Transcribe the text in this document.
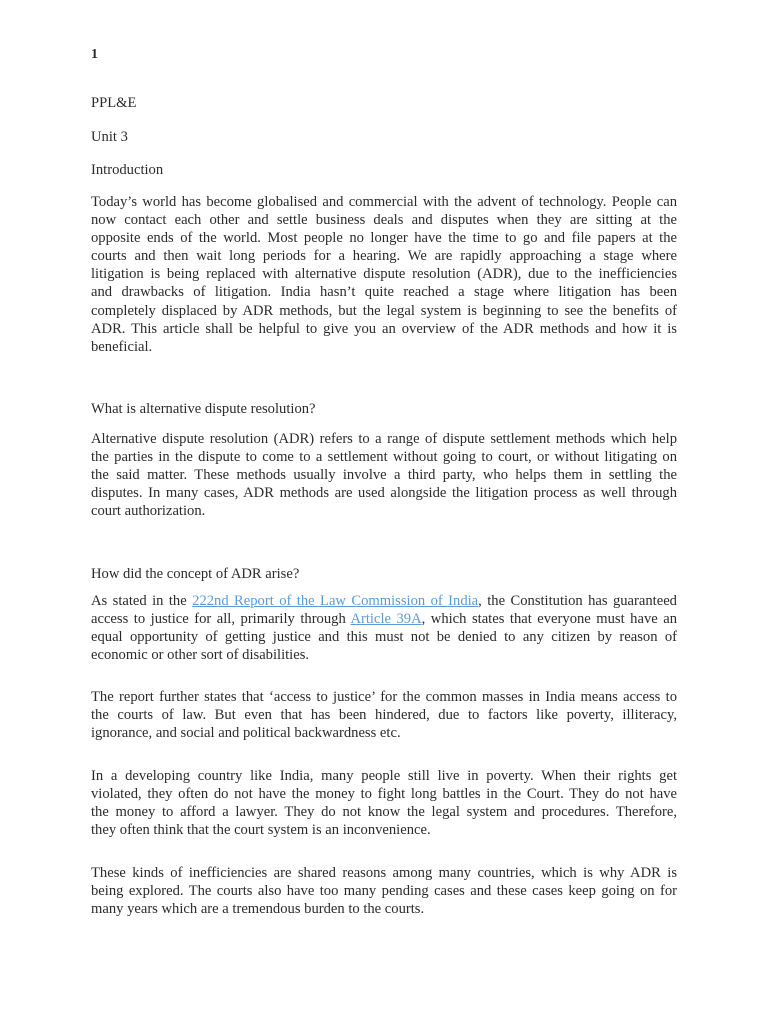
1
PPL&E
Unit 3
Introduction
Today’s world has become globalised and commercial with the advent of technology. People can
now contact each other and settle business deals and disputes when they are sitting at the
opposite ends of the world. Most people no longer have the time to go and file papers at the
courts and then wait long periods for a hearing. We are rapidly approaching a stage where
litigation is being replaced with alternative dispute resolution (ADR), due to the inefficiencies
and drawbacks of litigation. India hasn’t quite reached a stage where litigation has been
completely displaced by ADR methods, but the legal system is beginning to see the benefits of
ADR. This article shall be helpful to give you an overview of the ADR methods and how it is
beneficial.
What is alternative dispute resolution?
Alternative dispute resolution (ADR) refers to a range of dispute settlement methods which help
the parties in the dispute to come to a settlement without going to court, or without litigating on
the said matter. These methods usually involve a third party, who helps them in settling the
disputes. In many cases, ADR methods are used alongside the litigation process as well through
court authorization.
How did the concept of ADR arise?
As stated in the 222nd Report of the Law Commission of India, the Constitution has guaranteed
access to justice for all, primarily through Article 39A, which states that everyone must have an
equal opportunity of getting justice and this must not be denied to any citizen by reason of
economic or other sort of disabilities.
The report further states that ‘access to justice’ for the common masses in India means access to
the courts of law. But even that has been hindered, due to factors like poverty, illiteracy,
ignorance, and social and political backwardness etc.
In a developing country like India, many people still live in poverty. When their rights get
violated, they often do not have the money to fight long battles in the Court. They do not have
the money to afford a lawyer. They do not know the legal system and procedures. Therefore,
they often think that the court system is an inconvenience.
These kinds of inefficiencies are shared reasons among many countries, which is why ADR is
being explored. The courts also have too many pending cases and these cases keep going on for
many years which are a tremendous burden to the courts.
